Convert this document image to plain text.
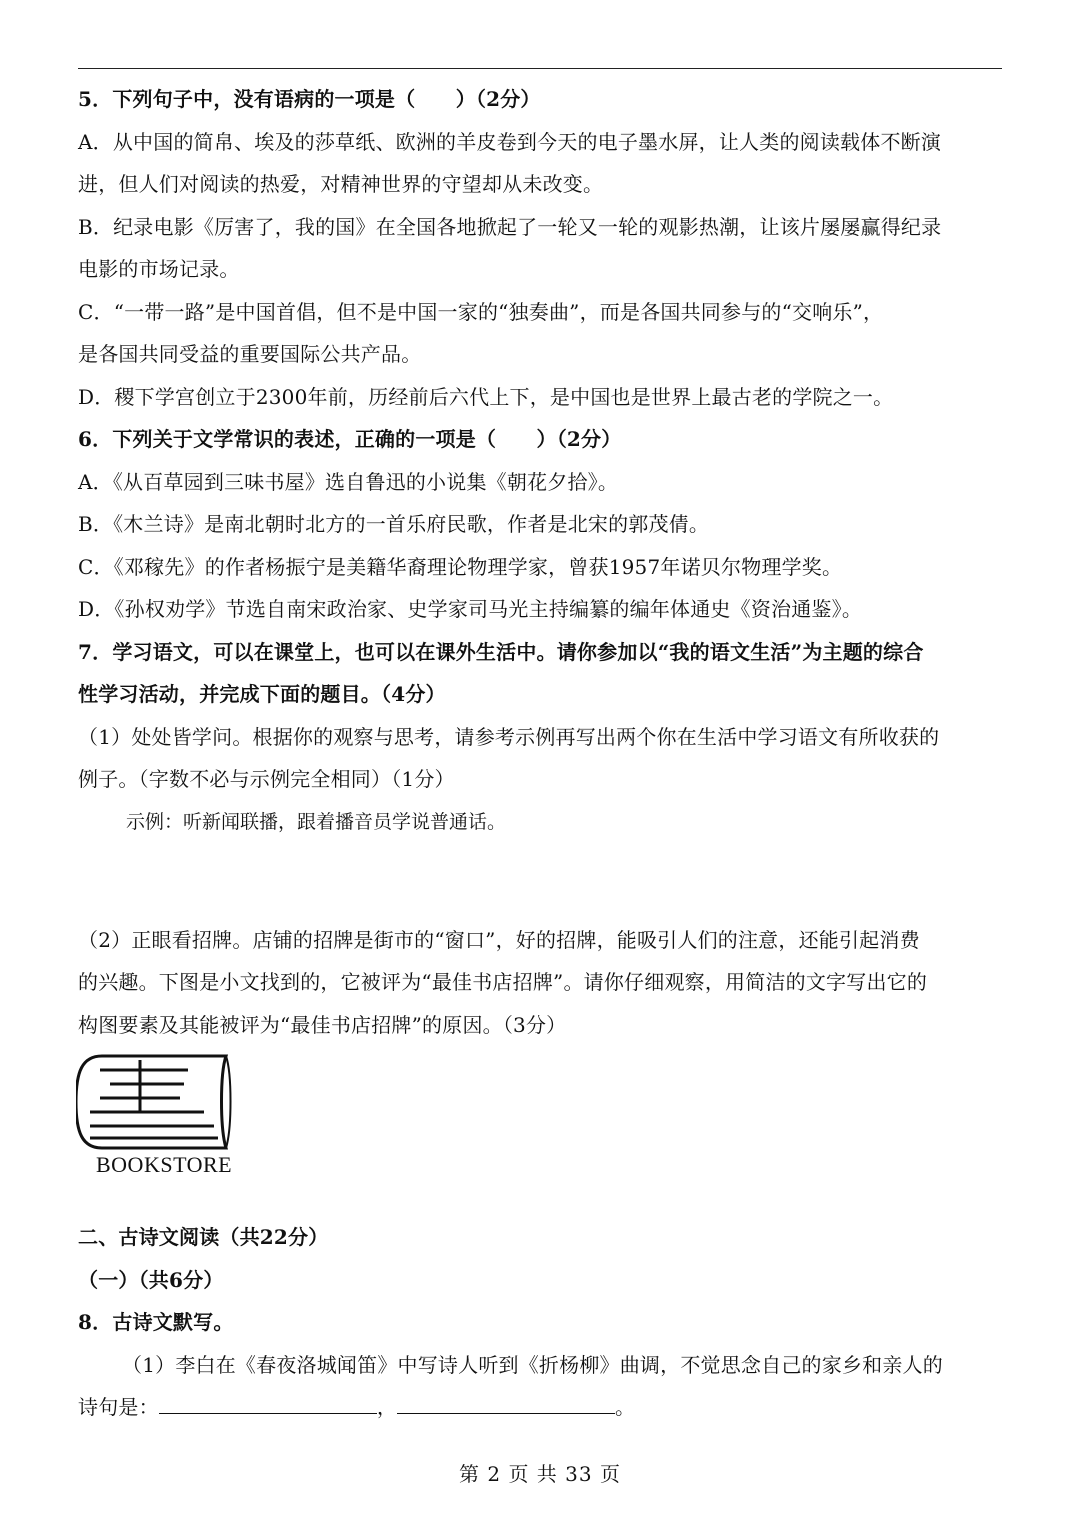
5．下列句子中，没有语病的一项是（　　）（2分）
A．从中国的简帛、埃及的莎草纸、欧洲的羊皮卷到今天的电子墨水屏，让人类的阅读载体不断演
进，但人们对阅读的热爱，对精神世界的守望却从未改变。
B．纪录电影《厉害了，我的国》在全国各地掀起了一轮又一轮的观影热潮，让该片屡屡赢得纪录
电影的市场记录。
C．“一带一路”是中国首倡，但不是中国一家的“独奏曲”，而是各国共同参与的“交响乐”，
是各国共同受益的重要国际公共产品。
D．稷下学宫创立于2300年前，历经前后六代上下，是中国也是世界上最古老的学院之一。
6．下列关于文学常识的表述，正确的一项是（　　）（2分）
A．《从百草园到三味书屋》选自鲁迅的小说集《朝花夕拾》。
B．《木兰诗》是南北朝时北方的一首乐府民歌，作者是北宋的郭茂倩。
C．《邓稼先》的作者杨振宁是美籍华裔理论物理学家，曾获1957年诺贝尔物理学奖。
D．《孙权劝学》节选自南宋政治家、史学家司马光主持编纂的编年体通史《资治通鉴》。
7．学习语文，可以在课堂上，也可以在课外生活中。请你参加以“我的语文生活”为主题的综合
性学习活动，并完成下面的题目。（4分）
（1）处处皆学问。根据你的观察与思考，请参考示例再写出两个你在生活中学习语文有所收获的
例子。（字数不必与示例完全相同）（1分）
示例：听新闻联播，跟着播音员学说普通话。
（2）正眼看招牌。店铺的招牌是街市的“窗口”，好的招牌，能吸引人们的注意，还能引起消费
的兴趣。下图是小文找到的，它被评为“最佳书店招牌”。请你仔细观察，用简洁的文字写出它的
构图要素及其能被评为“最佳书店招牌”的原因。（3分）
BOOKSTORE
二、古诗文阅读（共22分）
（一）（共6分）
8．古诗文默写。
（1）李白在《春夜洛城闻笛》中写诗人听到《折杨柳》曲调，不觉思念自己的家乡和亲人的
诗句是：	，	。
第 2 页 共 33 页
